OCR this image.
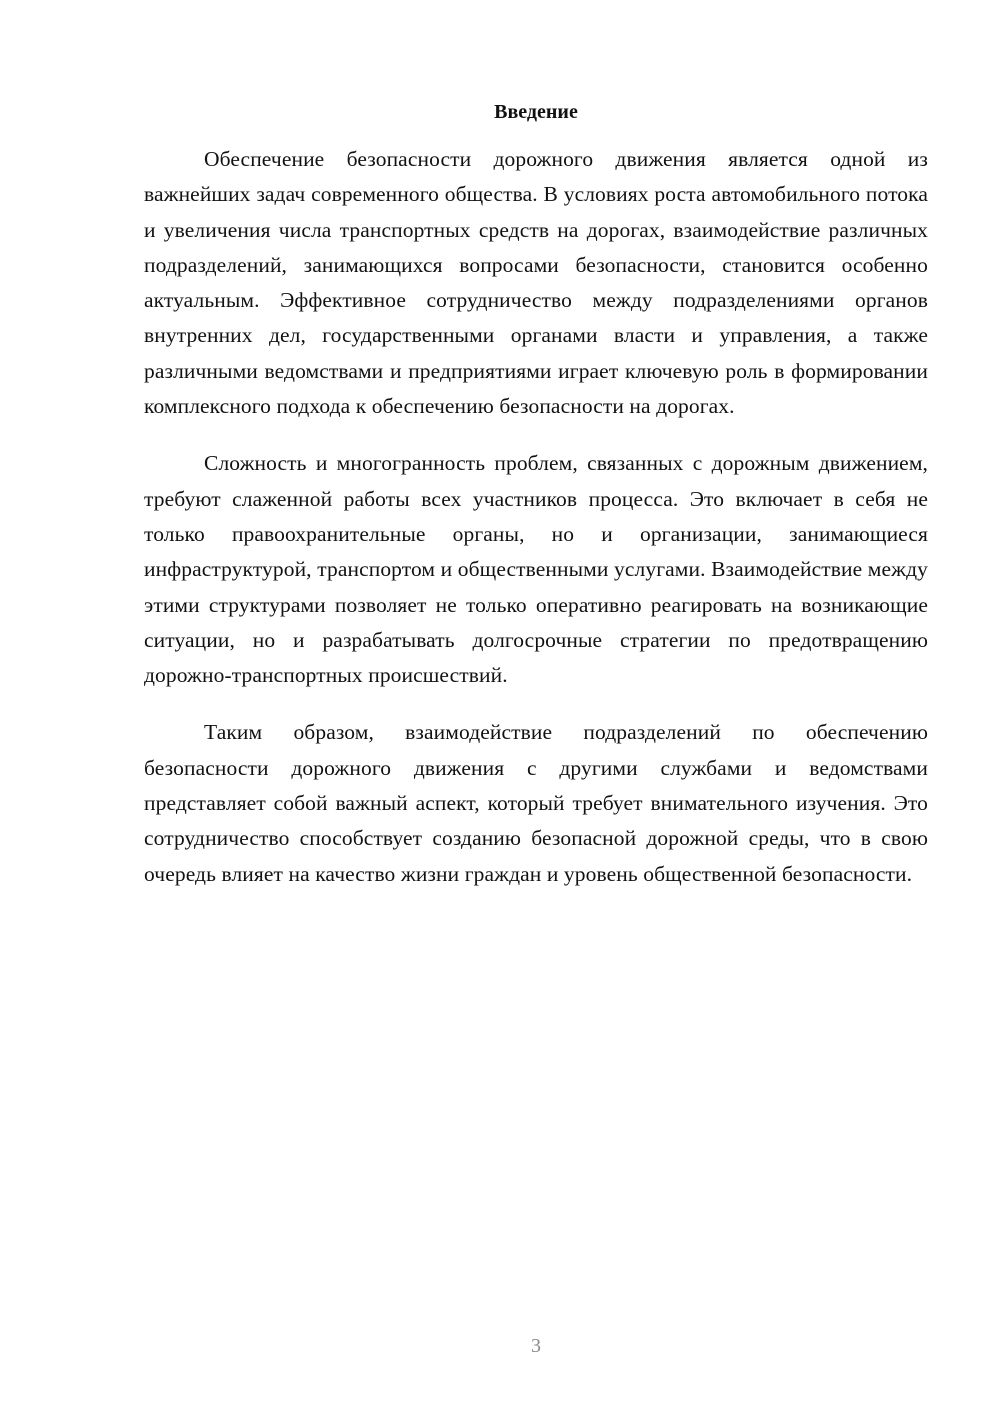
Введение

Обеспечение безопасности дорожного движения является одной из важнейших задач современного общества. В условиях роста автомобильного потока и увеличения числа транспортных средств на дорогах, взаимодействие различных подразделений, занимающихся вопросами безопасности, становится особенно актуальным. Эффективное сотрудничество между подразделениями органов внутренних дел, государственными органами власти и управления, а также различными ведомствами и предприятиями играет ключевую роль в формировании комплексного подхода к обеспечению безопасности на дорогах.

Сложность и многогранность проблем, связанных с дорожным движением, требуют слаженной работы всех участников процесса. Это включает в себя не только правоохранительные органы, но и организации, занимающиеся инфраструктурой, транспортом и общественными услугами. Взаимодействие между этими структурами позволяет не только оперативно реагировать на возникающие ситуации, но и разрабатывать долгосрочные стратегии по предотвращению дорожно-транспортных происшествий.

Таким образом, взаимодействие подразделений по обеспечению безопасности дорожного движения с другими службами и ведомствами представляет собой важный аспект, который требует внимательного изучения. Это сотрудничество способствует созданию безопасной дорожной среды, что в свою очередь влияет на качество жизни граждан и уровень общественной безопасности.

3
